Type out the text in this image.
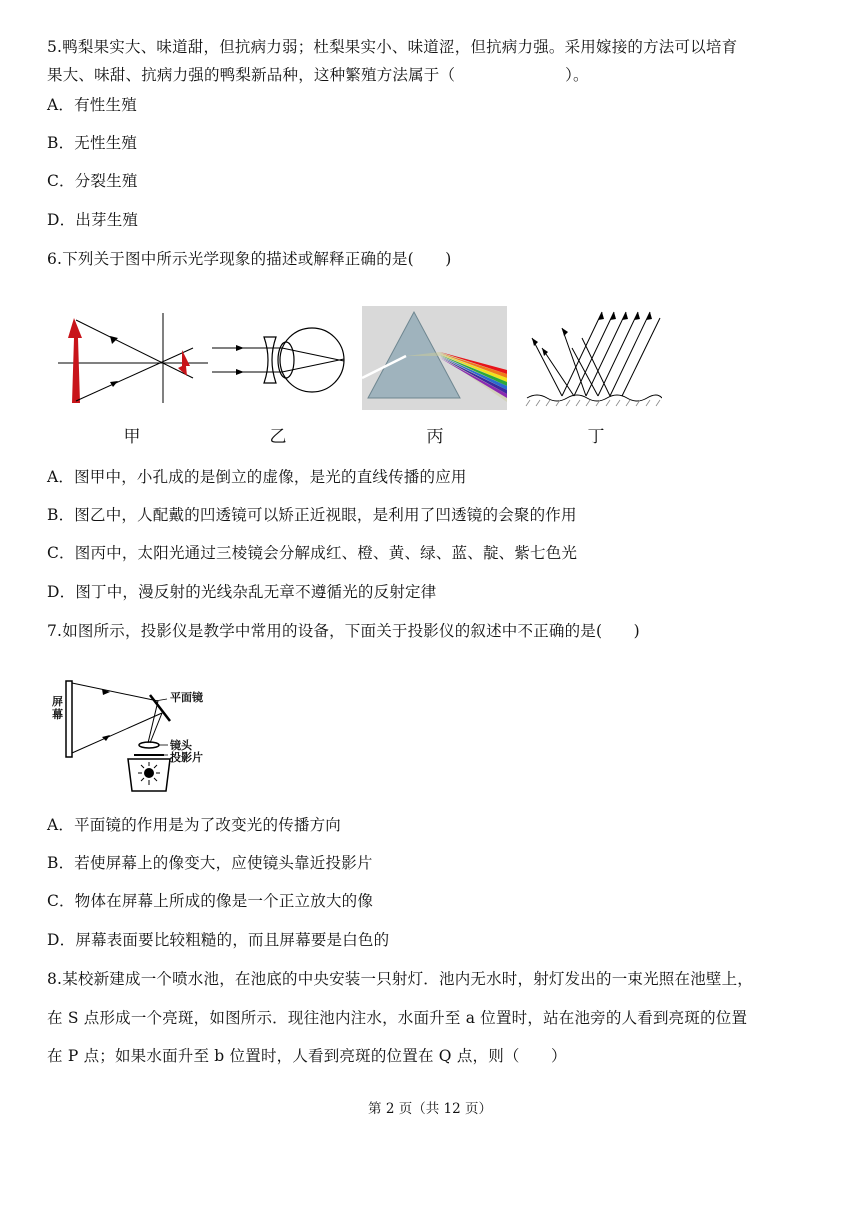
5.鸭梨果实大、味道甜，但抗病力弱；杜梨果实小、味道涩，但抗病力强。采用嫁接的方法可以培育
果大、味甜、抗病力强的鸭梨新品种，这种繁殖方法属于（　　　　　　　）。
A．有性生殖
B．无性生殖
C．分裂生殖
D．出芽生殖
6.下列关于图中所示光学现象的描述或解释正确的是(　　)
甲	乙	丙	丁
A．图甲中，小孔成的是倒立的虚像，是光的直线传播的应用
B．图乙中，人配戴的凹透镜可以矫正近视眼，是利用了凹透镜的会聚的作用
C．图丙中，太阳光通过三棱镜会分解成红、橙、黄、绿、蓝、靛、紫七色光
D．图丁中，漫反射的光线杂乱无章不遵循光的反射定律
7.如图所示，投影仪是教学中常用的设备，下面关于投影仪的叙述中不正确的是(　　)
屏幕
平面镜
镜头
投影片
A．平面镜的作用是为了改变光的传播方向
B．若使屏幕上的像变大，应使镜头靠近投影片
C．物体在屏幕上所成的像是一个正立放大的像
D．屏幕表面要比较粗糙的，而且屏幕要是白色的
8.某校新建成一个喷水池，在池底的中央安装一只射灯．池内无水时，射灯发出的一束光照在池壁上，
在 S 点形成一个亮斑，如图所示．现往池内注水，水面升至 a 位置时，站在池旁的人看到亮斑的位置
在 P 点；如果水面升至 b 位置时，人看到亮斑的位置在 Q 点，则（　　）
第 2 页（共 12 页）
